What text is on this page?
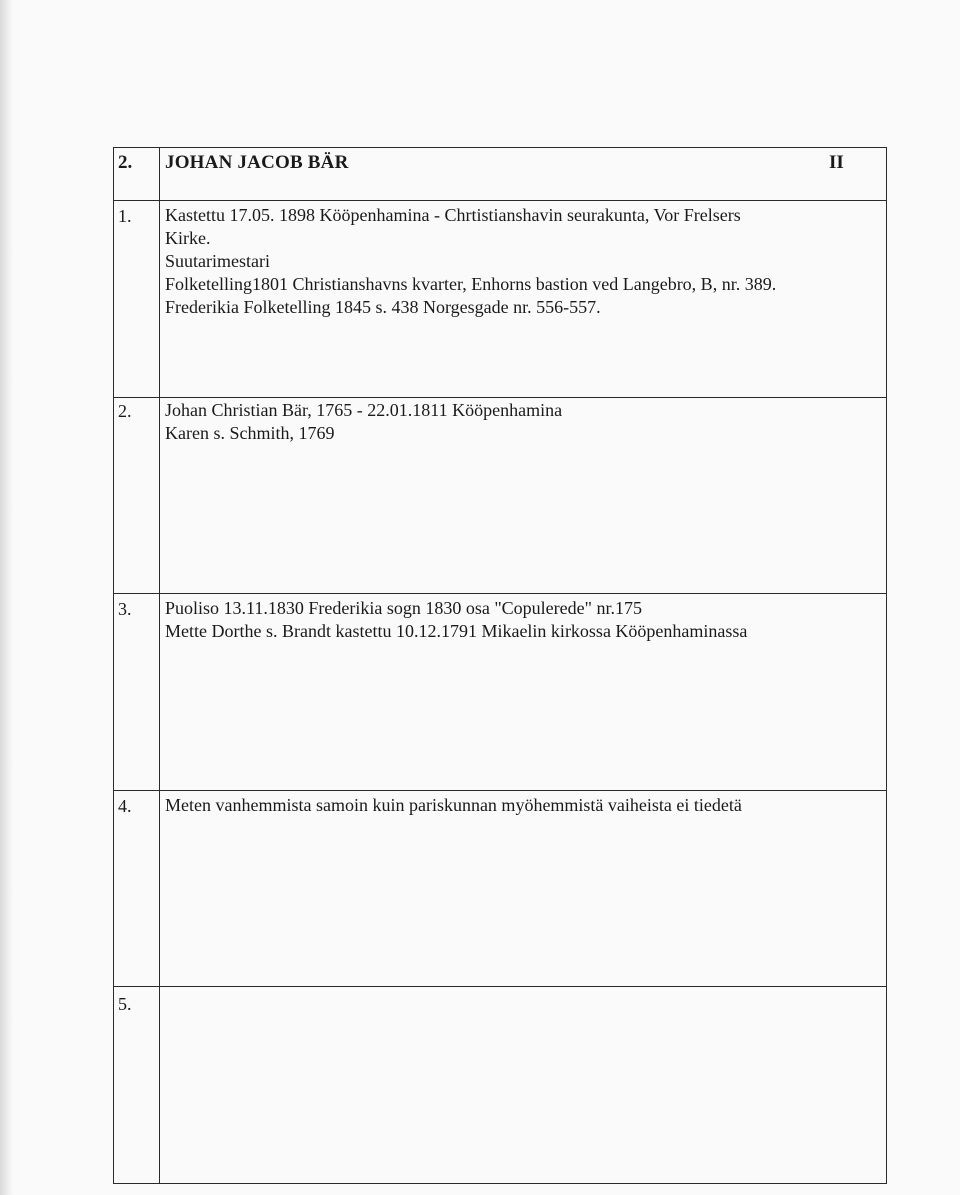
2. JOHAN JACOB BÄR	II
1. Kastettu 17.05. 1898 Kööpenhamina - Chrtistianshavin seurakunta, Vor Frelsers
Kirke.
Suutarimestari
Folketelling1801 Christianshavns kvarter, Enhorns bastion ved Langebro, B, nr. 389.
Frederikia Folketelling 1845 s. 438 Norgesgade nr. 556-557.
2. Johan Christian Bär, 1765 - 22.01.1811 Kööpenhamina
Karen s. Schmith, 1769
3. Puoliso 13.11.1830 Frederikia sogn 1830 osa "Copulerede" nr.175
Mette Dorthe s. Brandt kastettu 10.12.1791 Mikaelin kirkossa Kööpenhaminassa
4. Meten vanhemmista samoin kuin pariskunnan myöhemmistä vaiheista ei tiedetä
5.
